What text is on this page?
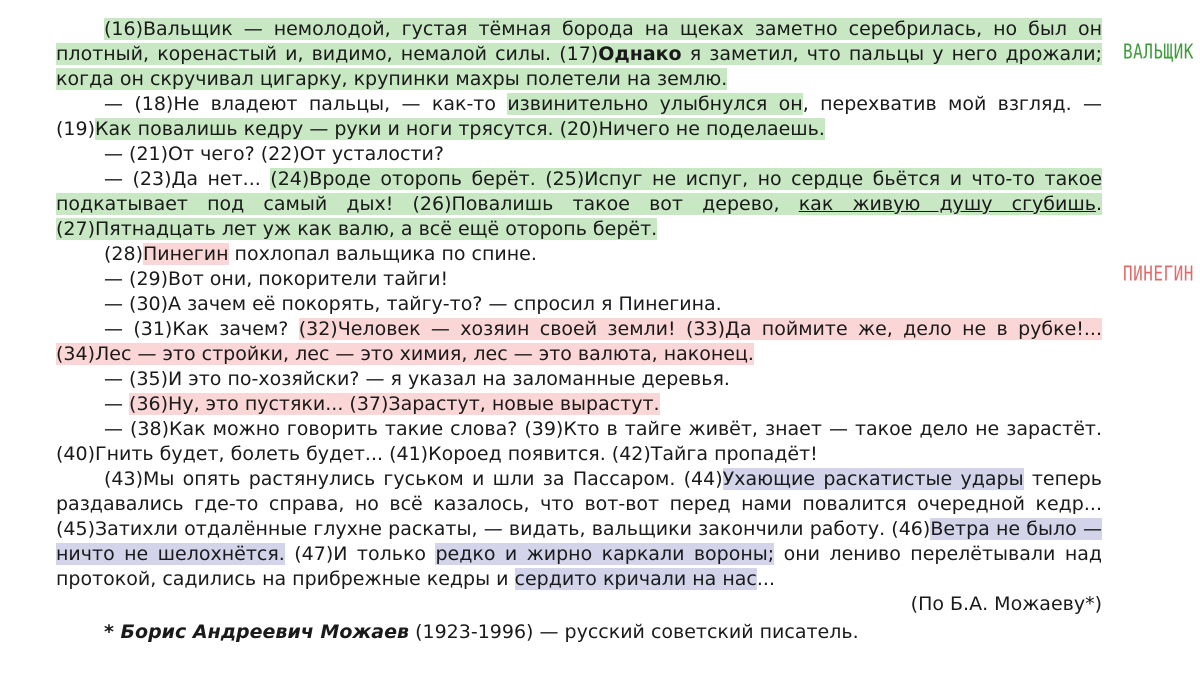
(16)Вальщик — немолодой, густая тёмная борода на щеках заметно серебрилась, но был он плотный, коренастый и, видимо, немалой силы. (17)Однако я заметил, что пальцы у него дрожали; когда он скручивал цигарку, крупинки махры полетели на землю.

— (18)Не владеют пальцы, — как-то извинительно улыбнулся он, перехватив мой взгляд. — (19)Как повалишь кедру — руки и ноги трясутся. (20)Ничего не поделаешь.

— (21)От чего? (22)От усталости?

— (23)Да нет... (24)Вроде оторопь берёт. (25)Испуг не испуг, но сердце бьётся и что-то такое подкатывает под самый дых! (26)Повалишь такое вот дерево, как живую душу сгубишь. (27)Пятнадцать лет уж как валю, а всё ещё оторопь берёт.

(28)Пинегин похлопал вальщика по спине.

— (29)Вот они, покорители тайги!

— (30)А зачем её покорять, тайгу-то? — спросил я Пинегина.

— (31)Как зачем? (32)Человек — хозяин своей земли! (33)Да поймите же, дело не в рубке!... (34)Лес — это стройки, лес — это химия, лес — это валюта, наконец.

— (35)И это по-хозяйски? — я указал на заломанные деревья.

— (36)Ну, это пустяки... (37)Зарастут, новые вырастут.

— (38)Как можно говорить такие слова? (39)Кто в тайге живёт, знает — такое дело не зарастёт. (40)Гнить будет, болеть будет... (41)Короед появится. (42)Тайга пропадёт!

(43)Мы опять растянулись гуськом и шли за Пассаром. (44)Ухающие раскатистые удары теперь раздавались где-то справа, но всё казалось, что вот-вот перед нами повалится очередной кедр... (45)Затихли отдалённые глухне раскаты, — видать, вальщики закончили работу. (46)Ветра не было — ничто не шелохнётся. (47)И только редко и жирно каркали вороны; они лениво перелётывали над протокой, садились на прибрежные кедры и сердито кричали на нас...

(По Б.А. Можаеву*)

* Борис Андреевич Можаев (1923-1996) — русский советский писатель.

ВАЛЬЩИК
ПИНЕГИН
